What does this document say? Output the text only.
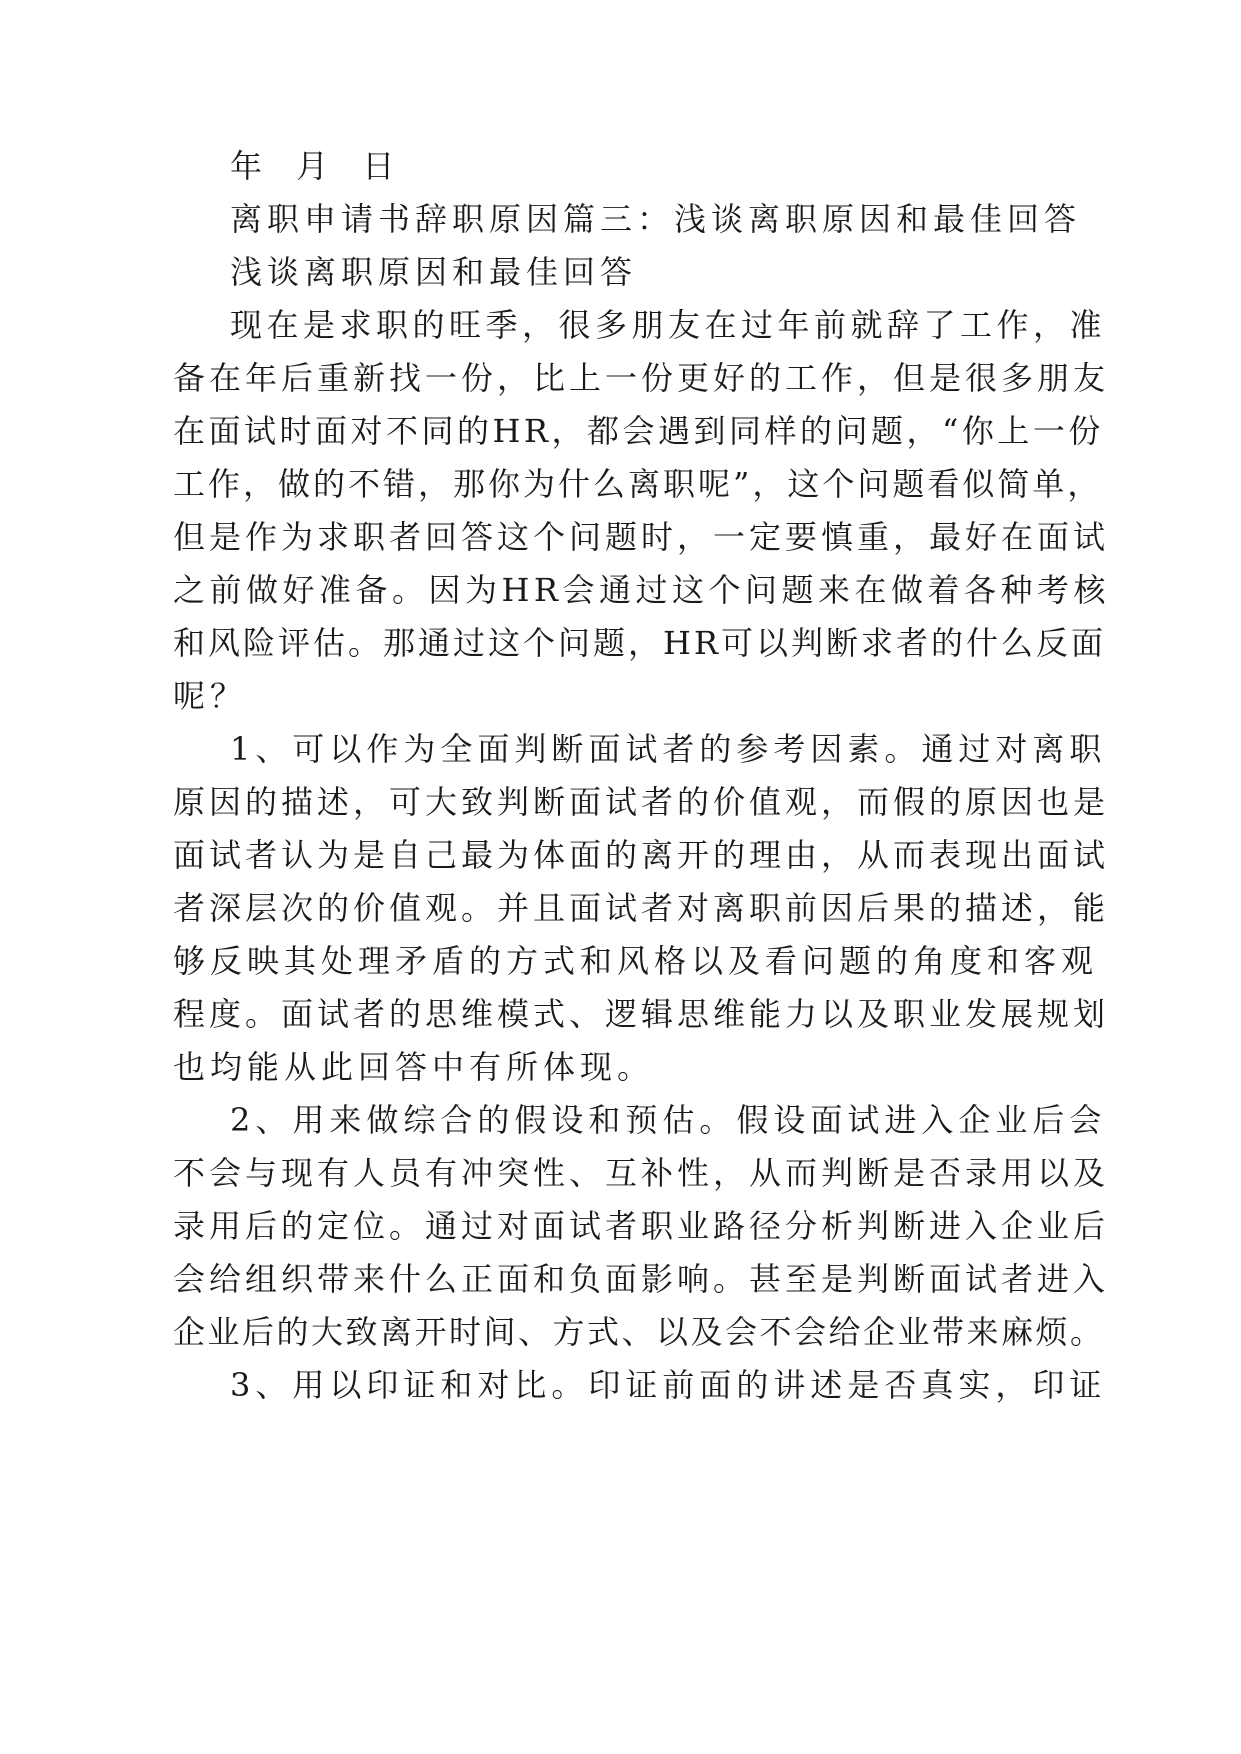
年 月 日
离职申请书辞职原因篇三：浅谈离职原因和最佳回答
浅谈离职原因和最佳回答
现在是求职的旺季，很多朋友在过年前就辞了工作，准
备在年后重新找一份，比上一份更好的工作，但是很多朋友
在面试时面对不同的HR，都会遇到同样的问题，“你上一份
工作，做的不错，那你为什么离职呢”，这个问题看似简单，
但是作为求职者回答这个问题时，一定要慎重，最好在面试
之前做好准备。因为HR会通过这个问题来在做着各种考核
和风险评估。那通过这个问题，HR可以判断求者的什么反面
呢？
1、可以作为全面判断面试者的参考因素。通过对离职
原因的描述，可大致判断面试者的价值观，而假的原因也是
面试者认为是自己最为体面的离开的理由，从而表现出面试
者深层次的价值观。并且面试者对离职前因后果的描述，能
够反映其处理矛盾的方式和风格以及看问题的角度和客观
程度。面试者的思维模式、逻辑思维能力以及职业发展规划
也均能从此回答中有所体现。
2、用来做综合的假设和预估。假设面试进入企业后会
不会与现有人员有冲突性、互补性，从而判断是否录用以及
录用后的定位。通过对面试者职业路径分析判断进入企业后
会给组织带来什么正面和负面影响。甚至是判断面试者进入
企业后的大致离开时间、方式、以及会不会给企业带来麻烦。
3、用以印证和对比。印证前面的讲述是否真实，印证
